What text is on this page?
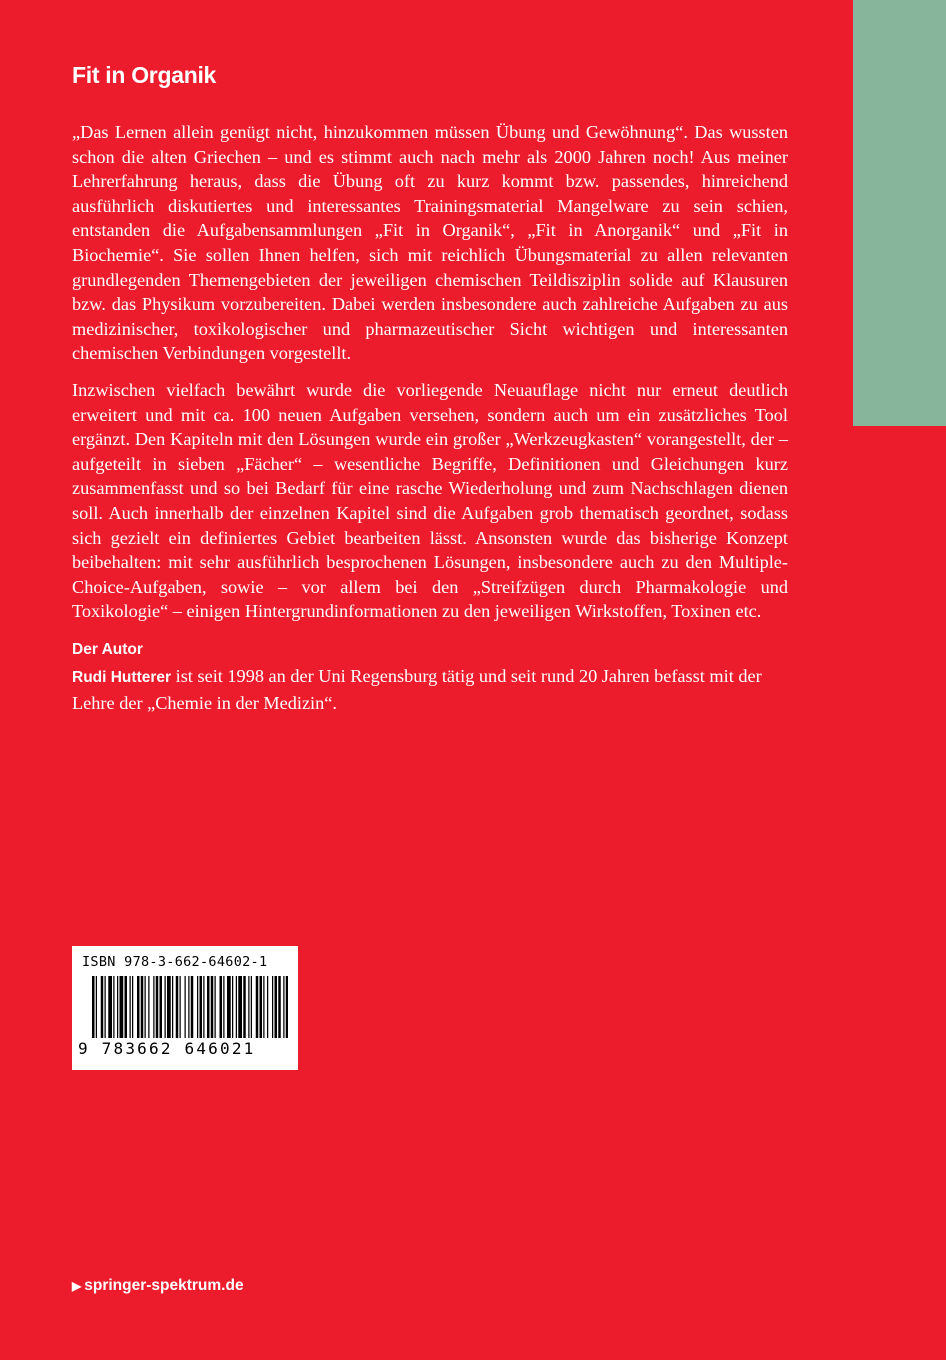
Fit in Organik

„Das Lernen allein genügt nicht, hinzukommen müssen Übung und Gewöhnung“. Das wussten schon die alten Griechen – und es stimmt auch nach mehr als 2000 Jahren noch! Aus meiner Lehrerfahrung heraus, dass die Übung oft zu kurz kommt bzw. passendes, hinreichend ausführlich diskutiertes und interessantes Trainingsmaterial Mangelware zu sein schien, entstanden die Aufgabensammlungen „Fit in Organik“, „Fit in Anorganik“ und „Fit in Biochemie“. Sie sollen Ihnen helfen, sich mit reichlich Übungsmaterial zu allen relevanten grundlegenden Themengebieten der jeweiligen chemischen Teildisziplin solide auf Klausuren bzw. das Physikum vorzubereiten. Dabei werden insbesondere auch zahlreiche Aufgaben zu aus medizinischer, toxikologischer und pharmazeutischer Sicht wichtigen und interessanten chemischen Verbindungen vorgestellt.

Inzwischen vielfach bewährt wurde die vorliegende Neuauflage nicht nur erneut deutlich erweitert und mit ca. 100 neuen Aufgaben versehen, sondern auch um ein zusätzliches Tool ergänzt. Den Kapiteln mit den Lösungen wurde ein großer „Werkzeugkasten“ vorangestellt, der – aufgeteilt in sieben „Fächer“ – wesentliche Begriffe, Definitionen und Gleichungen kurz zusammenfasst und so bei Bedarf für eine rasche Wiederholung und zum Nachschlagen dienen soll. Auch innerhalb der einzelnen Kapitel sind die Aufgaben grob thematisch geordnet, sodass sich gezielt ein definiertes Gebiet bearbeiten lässt. Ansonsten wurde das bisherige Konzept beibehalten: mit sehr ausführlich besprochenen Lösungen, insbesondere auch zu den Multiple-Choice-Aufgaben, sowie – vor allem bei den „Streifzügen durch Pharmakologie und Toxikologie“ – einigen Hintergrundinformationen zu den jeweiligen Wirkstoffen, Toxinen etc.

Der Autor
Rudi Hutterer ist seit 1998 an der Uni Regensburg tätig und seit rund 20 Jahren befasst mit der Lehre der „Chemie in der Medizin“.
ISBN 978-3-662-64602-1
9 783662 646021
▶ springer-spektrum.de
